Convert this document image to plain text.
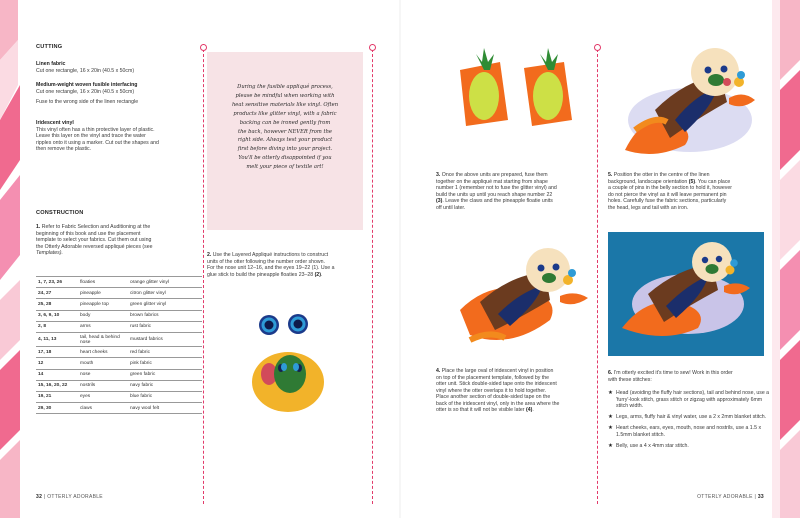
CUTTING
Linen fabric
Cut one rectangle, 16 x 20in (40.5 x 50cm)
Medium-weight woven fusible interfacing
Cut one rectangle, 16 x 20in (40.5 x 50cm)
Fuse to the wrong side of the linen rectangle
Iridescent vinyl
This vinyl often has a thin protective layer of plastic.
Leave this layer on the vinyl and trace the water
ripples onto it using a marker. Cut out the shapes and
then remove the plastic.
CONSTRUCTION
1. Refer to Fabric Selection and Auditioning at the
beginning of this book and use the placement
template to select your fabrics. Cut them out using
the Otterly Adorable reversed appliqué pieces (see
Templates).
1, 7, 23, 26	floaties	orange glitter vinyl
24, 27	pineapple	citron glitter vinyl
25, 28	pineapple top	green glitter vinyl
3, 6, 9, 10	body	brown fabrics
2, 8	arms	rust fabric
4, 11, 13	tail, head & behind nose	mustard fabrics
17, 18	heart cheeks	red fabric
12	mouth	pink fabric
14	nose	green fabric
15, 16, 20, 22	nostrils	navy fabric
19, 21	eyes	blue fabric
29, 30	claws	navy wool felt
During the fusible appliqué process,
please be mindful when working with
heat sensitive materials like vinyl. Often
products like glitter vinyl, with a fabric
backing can be ironed gently from
the back, however NEVER from the
right side. Always test your product
first before diving into your project.
You'll be otterly disappointed if you
melt your piece of textile art!
2. Use the Layered Appliqué instructions to construct
units of the otter following the number order shown.
For the nose unit 12–16, and the eyes 19–22 (1). Use a
glue stick to build the pineapple floaties 23–28 (2).
32 | OTTERLY ADORABLE
3. Once the above units are prepared, fuse them
together on the appliqué mat starting from shape
number 1 (remember not to fuse the glitter vinyl) and
build the units up until you reach shape number 22
(3). Leave the claws and the pineapple floatie units
off until later.
4. Place the large oval of iridescent vinyl in position
on top of the placement template, followed by the
otter unit. Stick double-sided tape onto the iridescent
vinyl where the otter overlaps it to hold together.
Place another section of double-sided tape on the
back of the iridescent vinyl, only in the area where the
otter is so that it will not be visible later (4).
5. Position the otter in the centre of the linen
background, landscape orientation (5). You can place
a couple of pins in the belly section to hold it, however
do not pierce the vinyl as it will leave permanent pin
holes. Carefully fuse the fabric sections, particularly
the head, legs and tail with an iron.
6. I'm otterly excited it's time to sew! Work in this order
with these stitches:
★ Head (avoiding the fluffy hair sections), tail and behind nose, use a 'furry'-look stitch, grass stitch or zigzag with approximately 6mm stitch width.
★ Legs, arms, fluffy hair & vinyl water, use a 2 x 2mm blanket stitch.
★ Heart cheeks, ears, eyes, mouth, nose and nostrils, use a 1.5 x 1.5mm blanket stitch.
★ Belly, use a 4 x 4mm star stitch.
OTTERLY ADORABLE | 33
